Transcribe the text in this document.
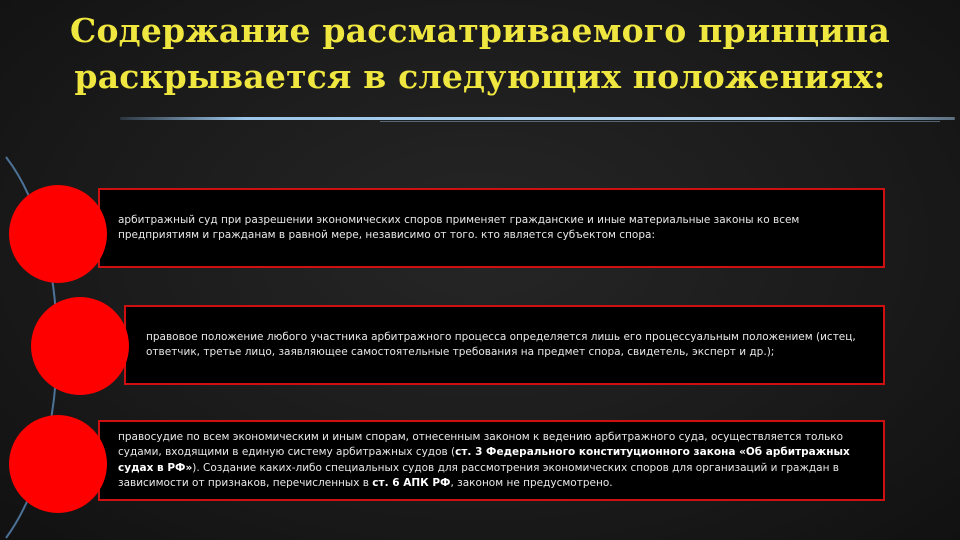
Содержание рассматриваемого принципа
раскрывается в следующих положениях:

арбитражный суд при разрешении экономических споров применяет гражданские и иные материальные законы ко всем предприятиям и гражданам в равной мере, независимо от того. кто является субъектом спора:

правовое положение любого участника арбитражного процесса определяется лишь его процессуальным положением (истец, ответчик, третье лицо, заявляющее самостоятельные требования на предмет спора, свидетель, эксперт и др.);

правосудие по всем экономическим и иным спорам, отнесенным законом к ведению арбитражного суда, осуществляется только судами, входящими в единую систему арбитражных судов (ст. 3 Федерального конституционного закона «Об арбитражных судах в РФ»). Создание каких-либо специальных судов для рассмотрения экономических споров для организаций и граждан в зависимости от признаков, перечисленных в ст. 6 АПК РФ, законом не предусмотрено.
